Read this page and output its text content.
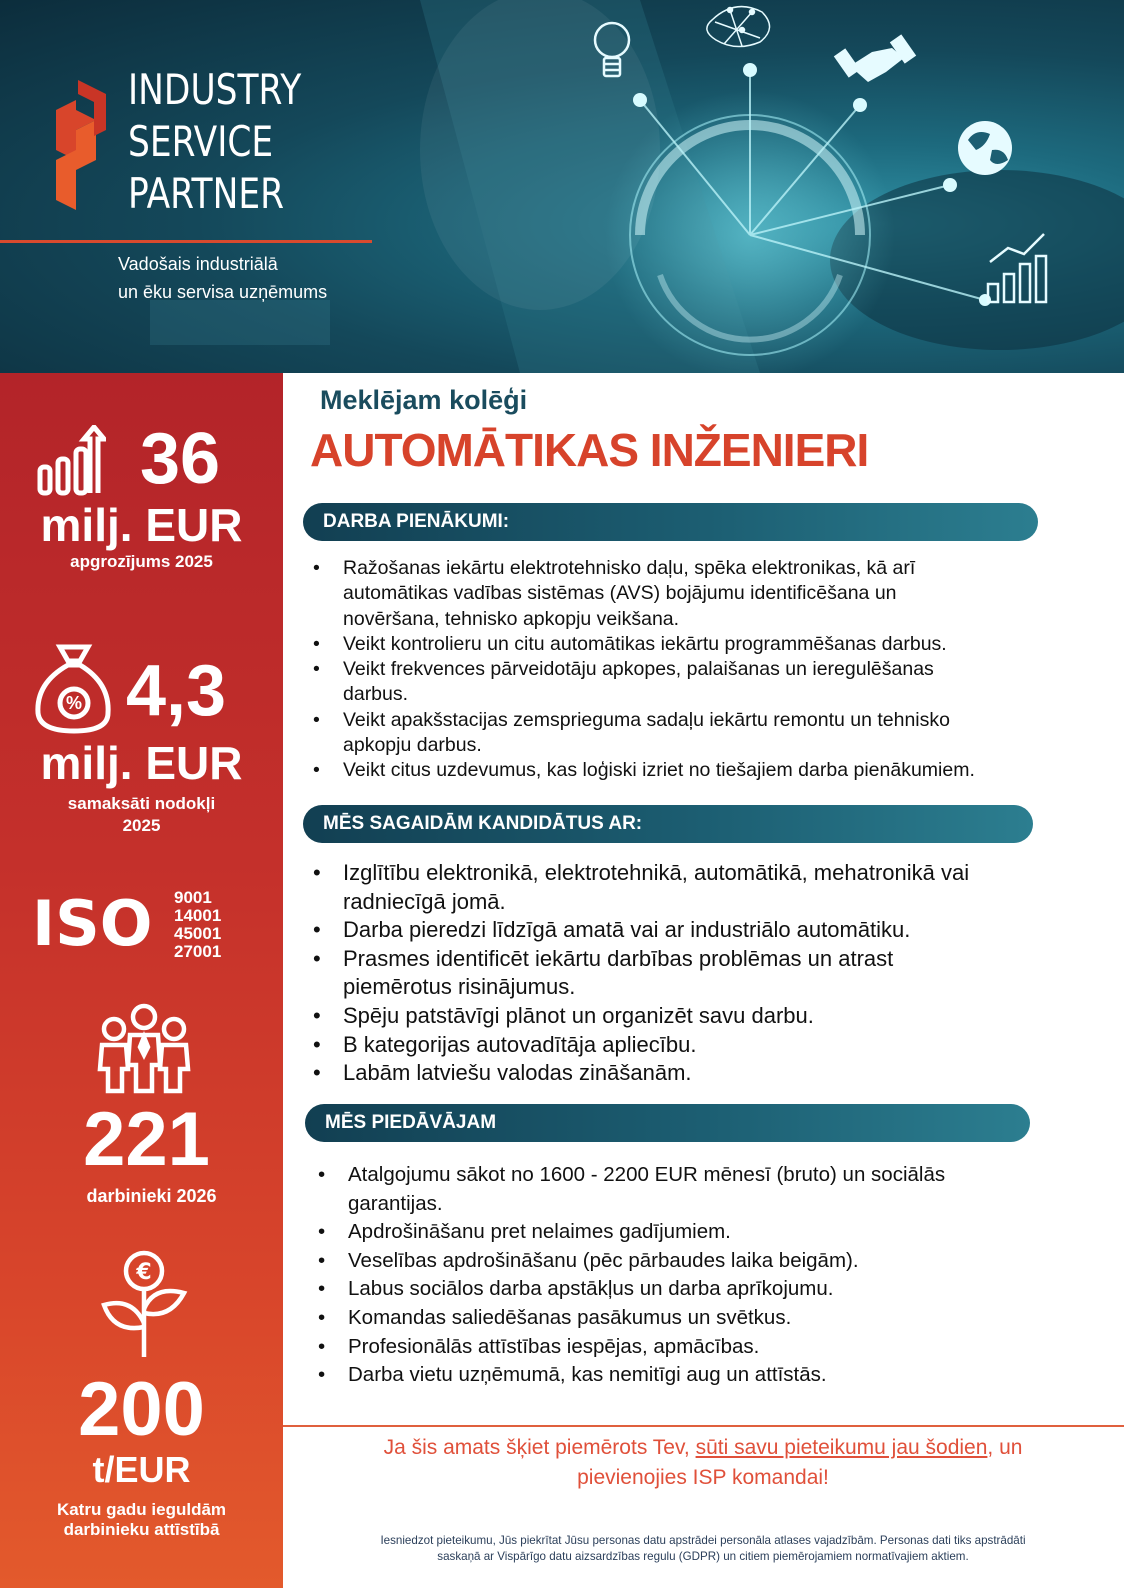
INDUSTRY
SERVICE
PARTNER
Vadošais industriālā
un ēku servisa uzņēmums
36
milj. EUR
apgrozījums 2025
% 4,3
milj. EUR
samaksāti nodokļi
2025
ISO 9001
14001
45001
27001
221
darbinieki 2026
€
200
t/EUR
Katru gadu ieguldām
darbinieku attīstībā
Meklējam kolēģi
AUTOMĀTIKAS INŽENIERI
DARBA PIENĀKUMI:
• Ražošanas iekārtu elektrotehnisko daļu, spēka elektronikas, kā arī
automātikas vadības sistēmas (AVS) bojājumu identificēšana un
novēršana, tehnisko apkopju veikšana.
• Veikt kontrolieru un citu automātikas iekārtu programmēšanas darbus.
• Veikt frekvences pārveidotāju apkopes, palaišanas un ieregulēšanas
darbus.
• Veikt apakšstacijas zemsprieguma sadaļu iekārtu remontu un tehnisko
apkopju darbus.
• Veikt citus uzdevumus, kas loģiski izriet no tiešajiem darba pienākumiem.
MĒS SAGAIDĀM KANDIDĀTUS AR:
• Izglītību elektronikā, elektrotehnikā, automātikā, mehatronikā vai
radniecīgā jomā.
• Darba pieredzi līdzīgā amatā vai ar industriālo automātiku.
• Prasmes identificēt iekārtu darbības problēmas un atrast
piemērotus risinājumus.
• Spēju patstāvīgi plānot un organizēt savu darbu.
• B kategorijas autovadītāja apliecību.
• Labām latviešu valodas zināšanām.
MĒS PIEDĀVĀJAM
• Atalgojumu sākot no 1600 - 2200 EUR mēnesī (bruto) un sociālās
garantijas.
• Apdrošināšanu pret nelaimes gadījumiem.
• Veselības apdrošināšanu (pēc pārbaudes laika beigām).
• Labus sociālos darba apstākļus un darba aprīkojumu.
• Komandas saliedēšanas pasākumus un svētkus.
• Profesionālās attīstības iespējas, apmācības.
• Darba vietu uzņēmumā, kas nemitīgi aug un attīstās.
Ja šis amats šķiet piemērots Tev, sūti savu pieteikumu jau šodien, un
pievienojies ISP komandai!
Iesniedzot pieteikumu, Jūs piekrītat Jūsu personas datu apstrādei personāla atlases vajadzībām. Personas dati tiks apstrādāti
saskaņā ar Vispārīgo datu aizsardzības regulu (GDPR) un citiem piemērojamiem normatīvajiem aktiem.
